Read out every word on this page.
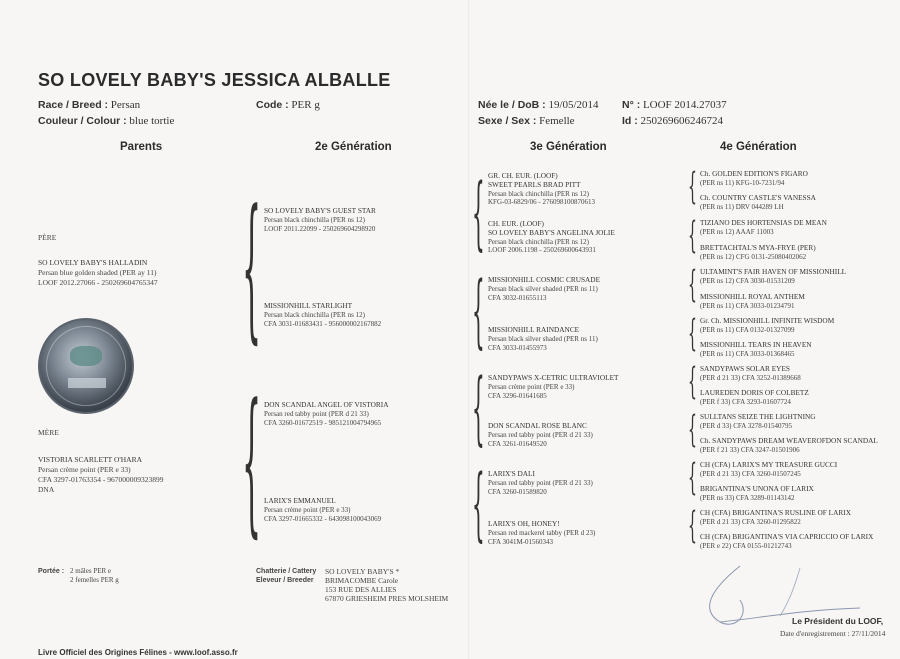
SO LOVELY BABY'S JESSICA ALBALLE
Race / Breed : Persan
Couleur / Colour : blue tortie
Code : PER g	Née le / DoB : 19/05/2014
Sexe / Sex : Femelle
N° : LOOF 2014.27037
Id : 250269606246724
Parents	2e Génération	3e Génération	4e Génération
PÈRE
SO LOVELY BABY'S HALLADIN
Persan blue golden shaded (PER ay 11)
LOOF 2012.27066 - 250269604765347
MÈRE
VISTORIA SCARLETT O'HARA
Persan crème point (PER e 33)
CFA 3297-01763354 - 967000009323899
DNA
{
{
SO LOVELY BABY'S GUEST STAR
Persan black chinchilla (PER ns 12)
LOOF 2011.22099 - 250269604298920
MISSIONHILL STARLIGHT
Persan black chinchilla (PER ns 12)
CFA 3031-01683431 - 956000002167882
DON SCANDAL ANGEL OF VISTORIA
Persan red tabby point (PER d 21 33)
CFA 3260-01672519 - 985121004794965
LARIX'S EMMANUEL
Persan crème point (PER e 33)
CFA 3297-01665332 - 643098100043069
{
{
{
{
GR. CH. EUR. (LOOF)
SWEET PEARLS BRAD PITT
Persan black chinchilla (PER ns 12)
KFG-03-6829/06 - 276098100870613
CH. EUR. (LOOF)
SO LOVELY BABY'S ANGELINA JOLIE
Persan black chinchilla (PER ns 12)
LOOF 2006.1198 - 250269600643931
MISSIONHILL COSMIC CRUSADE
Persan black silver shaded (PER ns 11)
CFA 3032-01655113
MISSIONHILL RAINDANCE
Persan black silver shaded (PER ns 11)
CFA 3033-01455973
SANDYPAWS X-CETRIC ULTRAVIOLET
Persan crème point (PER e 33)
CFA 3296-01641685
DON SCANDAL ROSE BLANC
Persan red tabby point (PER d 21 33)
CFA 3261-01649520
LARIX'S DALI
Persan red tabby point (PER d 21 33)
CFA 3260-01589820
LARIX'S OH, HONEY!
Persan red mackerel tabby (PER d 23)
CFA 3041M-01560343
{
{
{
{
{
{
{
{
Ch. GOLDEN EDITION'S FIGARO
(PER ns 11) KFG-10-7231/94
Ch. COUNTRY CASTLE'S VANESSA
(PER ns 11) DRV 044289 LH
TIZIANO DES HORTENSIAS DE MEAN
(PER ns 12) AAAF 11003
BRETTACHTAL'S MYA-FRYE (PER)
(PER ns 12) CFG 0131-25080402062
ULTAMINT'S FAIR HAVEN OF MISSIONHILL
(PER ns 12) CFA 3030-01531209
MISSIONHILL ROYAL ANTHEM
(PER ns 11) CFA 3033-01234791
Gr. Ch. MISSIONHILL INFINITE WISDOM
(PER ns 11) CFA 0132-01327099
MISSIONHILL TEARS IN HEAVEN
(PER ns 11) CFA 3033-01368465
SANDYPAWS SOLAR EYES
(PER d 21 33) CFA 3252-01389668
LAUREDEN DORIS OF COLBETZ
(PER f 33) CFA 3293-01607724
SULLTANS SEIZE THE LIGHTNING
(PER d 33) CFA 3278-01540795
Ch. SANDYPAWS DREAM WEAVEROFDON SCANDAL
(PER f 21 33) CFA 3247-01501906
CH (CFA) LARIX'S MY TREASURE GUCCI
(PER d 21 33) CFA 3260-01507245
BRIGANTINA'S UNONA OF LARIX
(PER ns 33) CFA 3289-01143142
CH (CFA) BRIGANTINA'S RUSLINE OF LARIX
(PER d 21 33) CFA 3260-01295822
CH (CFA) BRIGANTINA'S VIA CAPRICCIO OF LARIX
(PER e 22) CFA 0155-01212743
Portée : 2 mâles PER e
2 femelles PER g
Chatterie / Cattery SO LOVELY BABY'S *
Eleveur / Breeder BRIMACOMBE Carole
153 RUE DES ALLIES
67870 GRIESHEIM PRES MOLSHEIM
Le Président du LOOF,
Date d'enregistrement : 27/11/2014
Livre Officiel des Origines Félines - www.loof.asso.fr
